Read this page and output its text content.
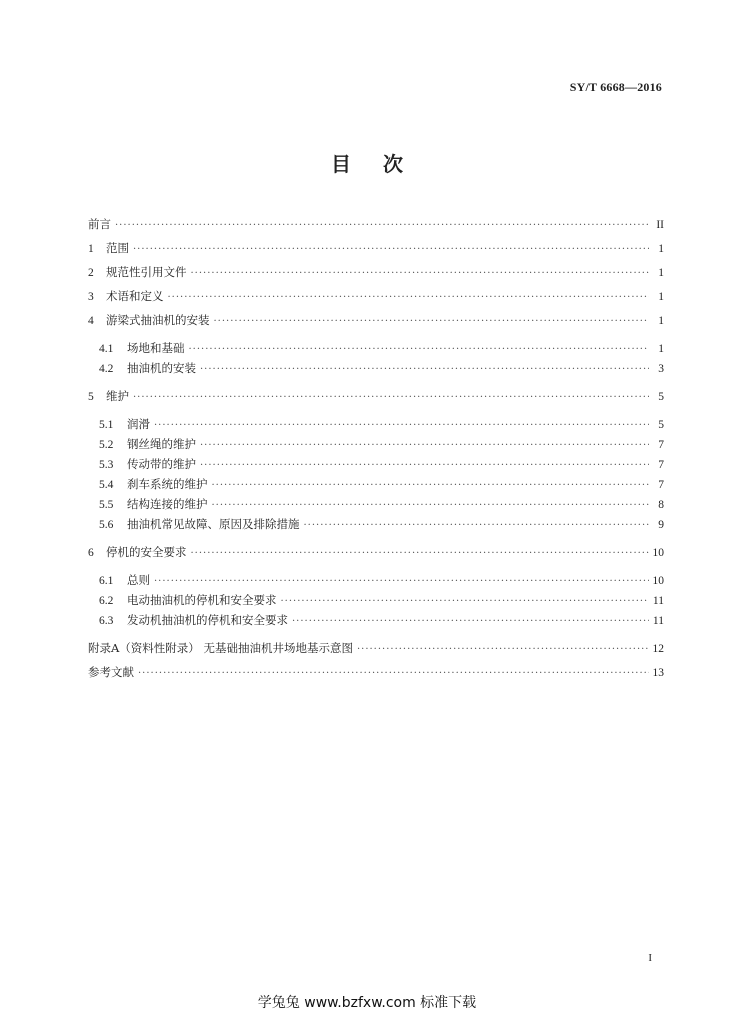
SY/T 6668—2016
目次
前言 ·····	II
1	范围 ·····	1
2	规范性引用文件 ·····	1
3	术语和定义 ·····	1
4	游梁式抽油机的安装 ·····	1
4.1	场地和基础 ·····	1
4.2	抽油机的安装 ·····	3
5	维护 ·····	5
5.1	润滑 ·····	5
5.2	钢丝绳的维护 ·····	7
5.3	传动带的维护 ·····	7
5.4	刹车系统的维护 ·····	7
5.5	结构连接的维护 ·····	8
5.6	抽油机常见故障、原因及排除措施 ·····	9
6	停机的安全要求 ·····	10
6.1	总则 ·····	10
6.2	电动抽油机的停机和安全要求 ·····	11
6.3	发动机抽油机的停机和安全要求 ·····	11
附录A（资料性附录） 无基础抽油机井场地基示意图 ·····	12
参考文献 ·····	13
I
学兔兔 www.bzfxw.com 标准下载
